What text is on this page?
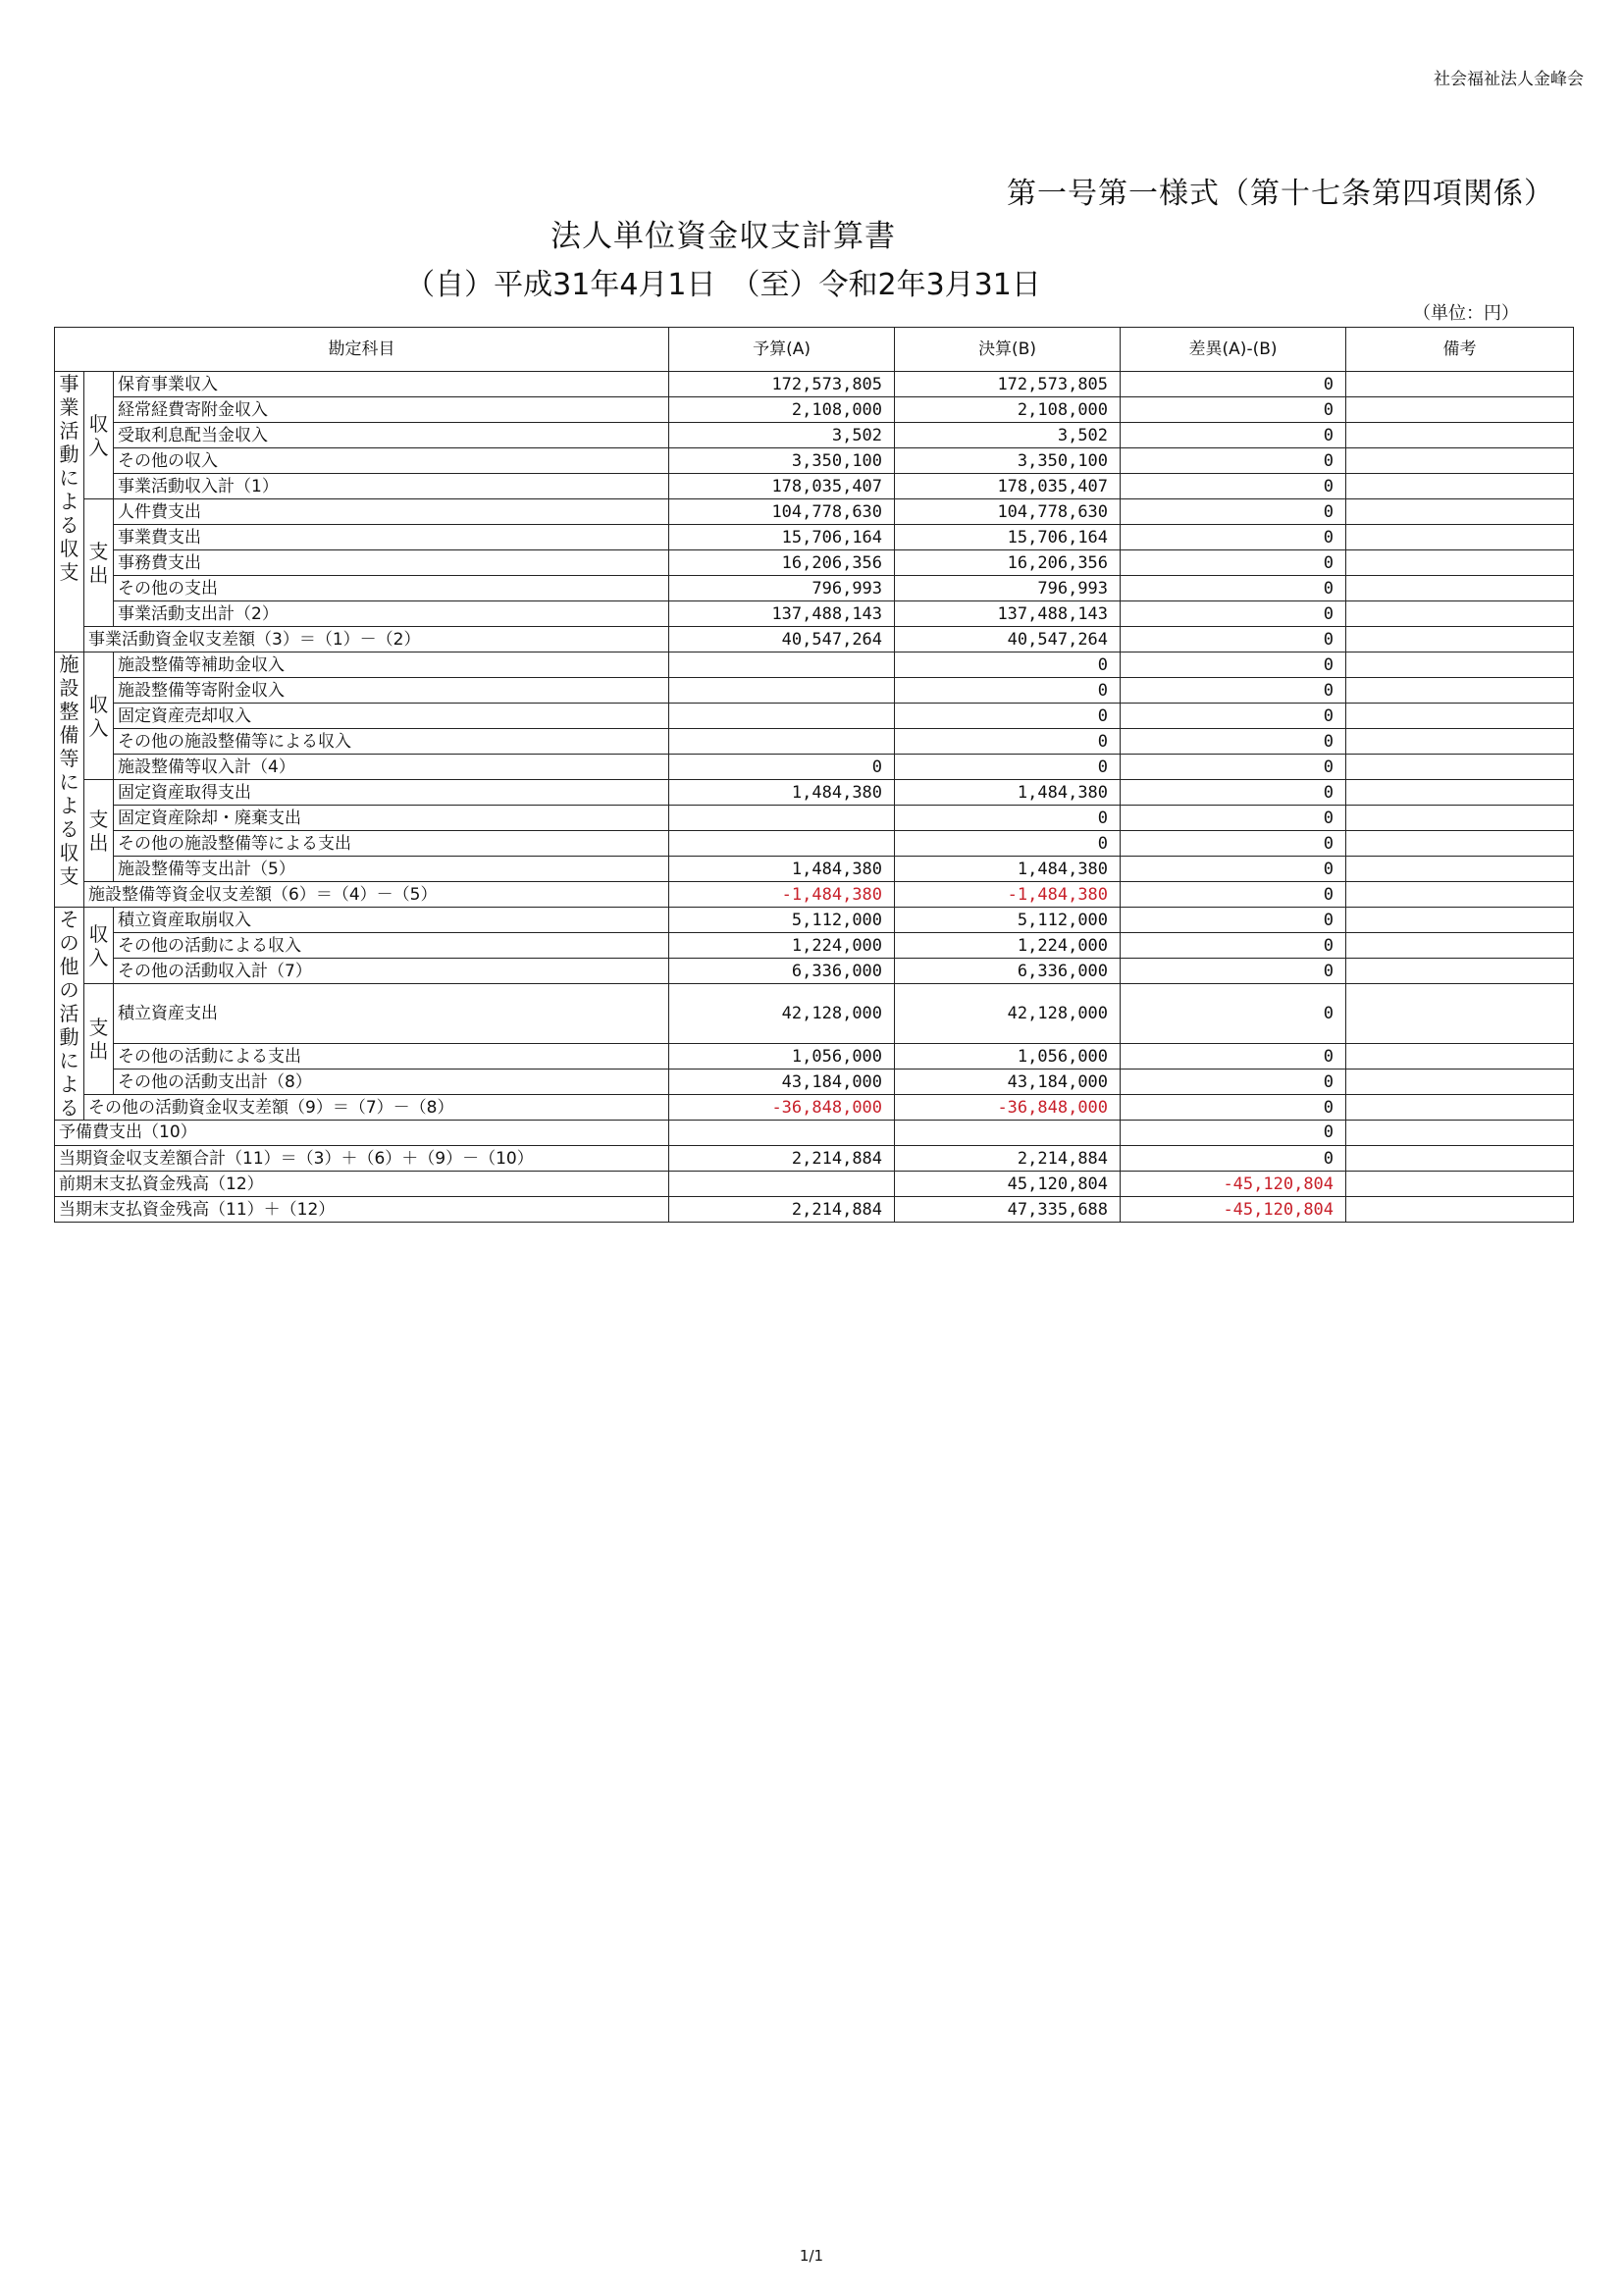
社会福祉法人金峰会
第一号第一様式（第十七条第四項関係）
法人単位資金収支計算書
（自）平成31年4月1日　（至）令和2年3月31日
（単位：円）
勘定科目			予算(A)	決算(B)	差異(A)-(B)	備考
事業活動による収支	収入	保育事業収入	172,573,805	172,573,805	0	
		経常経費寄附金収入	2,108,000	2,108,000	0	
		受取利息配当金収入	3,502	3,502	0	
		その他の収入	3,350,100	3,350,100	0	
		事業活動収入計（1）	178,035,407	178,035,407	0	
	支出	人件費支出	104,778,630	104,778,630	0	
		事業費支出	15,706,164	15,706,164	0	
		事務費支出	16,206,356	16,206,356	0	
		その他の支出	796,993	796,993	0	
		事業活動支出計（2）	137,488,143	137,488,143	0	
	事業活動資金収支差額（3）＝（1）－（2）		40,547,264	40,547,264	0	
施設整備等による収支	収入	施設整備等補助金収入		0	0	
		施設整備等寄附金収入		0	0	
		固定資産売却収入		0	0	
		その他の施設整備等による収入		0	0	
		施設整備等収入計（4）	0	0	0	
	支出	固定資産取得支出	1,484,380	1,484,380	0	
		固定資産除却・廃棄支出		0	0	
		その他の施設整備等による支出		0	0	
		施設整備等支出計（5）	1,484,380	1,484,380	0	
	施設整備等資金収支差額（6）＝（4）－（5）		-1,484,380	-1,484,380	0	
その他の活動による	収入	積立資産取崩収入	5,112,000	5,112,000	0	
		その他の活動による収入	1,224,000	1,224,000	0	
		その他の活動収入計（7）	6,336,000	6,336,000	0	
	支出	積立資産支出	42,128,000	42,128,000	0	
		その他の活動による支出	1,056,000	1,056,000	0	
		その他の活動支出計（8）	43,184,000	43,184,000	0	
	その他の活動資金収支差額（9）＝（7）－（8）		-36,848,000	-36,848,000	0	
予備費支出（10）					0	
当期資金収支差額合計（11）＝（3）＋（6）＋（9）－（10）			2,214,884	2,214,884	0	
前期末支払資金残高（12）				45,120,804	-45,120,804	
当期末支払資金残高（11）＋（12）			2,214,884	47,335,688	-45,120,804	
1/1
